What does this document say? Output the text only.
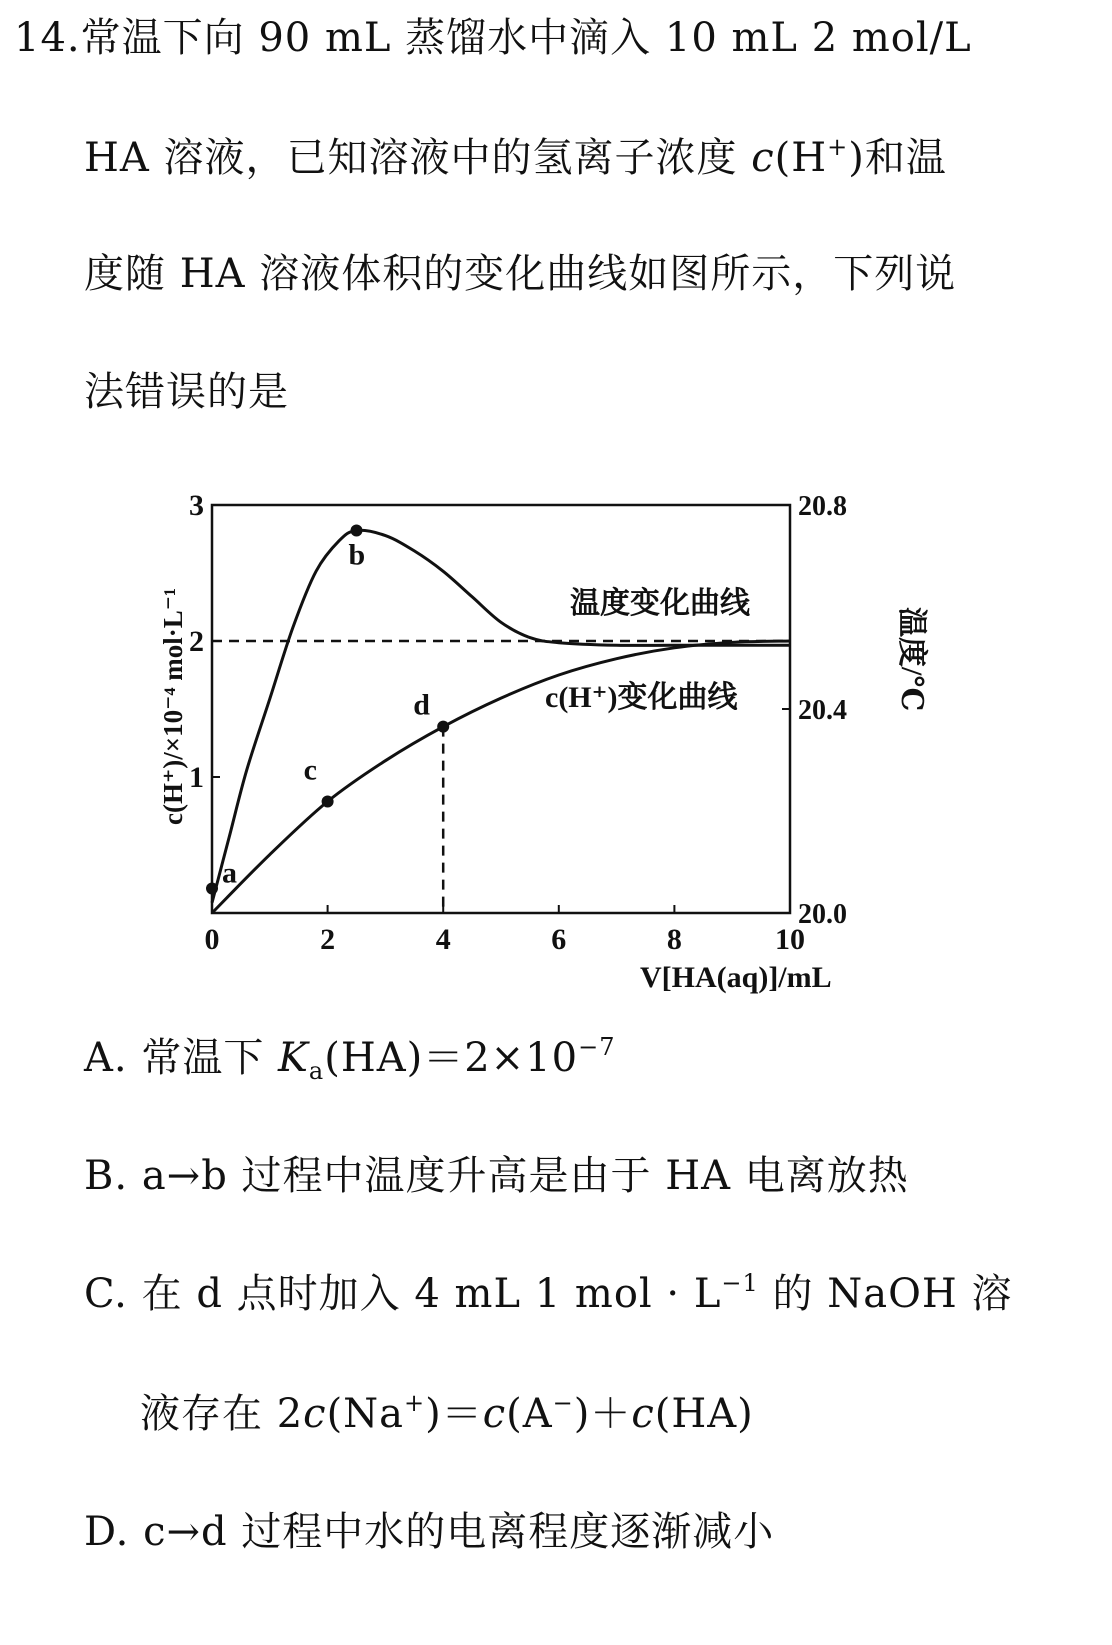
14.常温下向 90 mL 蒸馏水中滴入 10 mL 2 mol/L
HA 溶液，已知溶液中的氢离子浓度 c(H+)和温
度随 HA 溶液体积的变化曲线如图所示，下列说
法错误的是
0	2	4	6	8	10
1
2
3
20.0
20.4
20.8
a
b
c
d
温度变化曲线
c(H⁺)变化曲线
V[HA(aq)]/mL
c(H⁺)/×10⁻⁴ mol·L⁻¹	温度/℃
A. 常温下 $K_a(HA)=2\times 10^{-7}$
B. a→b 过程中温度升高是由于 HA 电离放热
C. 在 d 点时加入 4 mL 1 mol · $L^{-1}$ 的 NaOH 溶
液存在 2c(Na+)＝c(A−)＋c(HA)
D. c→d 过程中水的电离程度逐渐减小
